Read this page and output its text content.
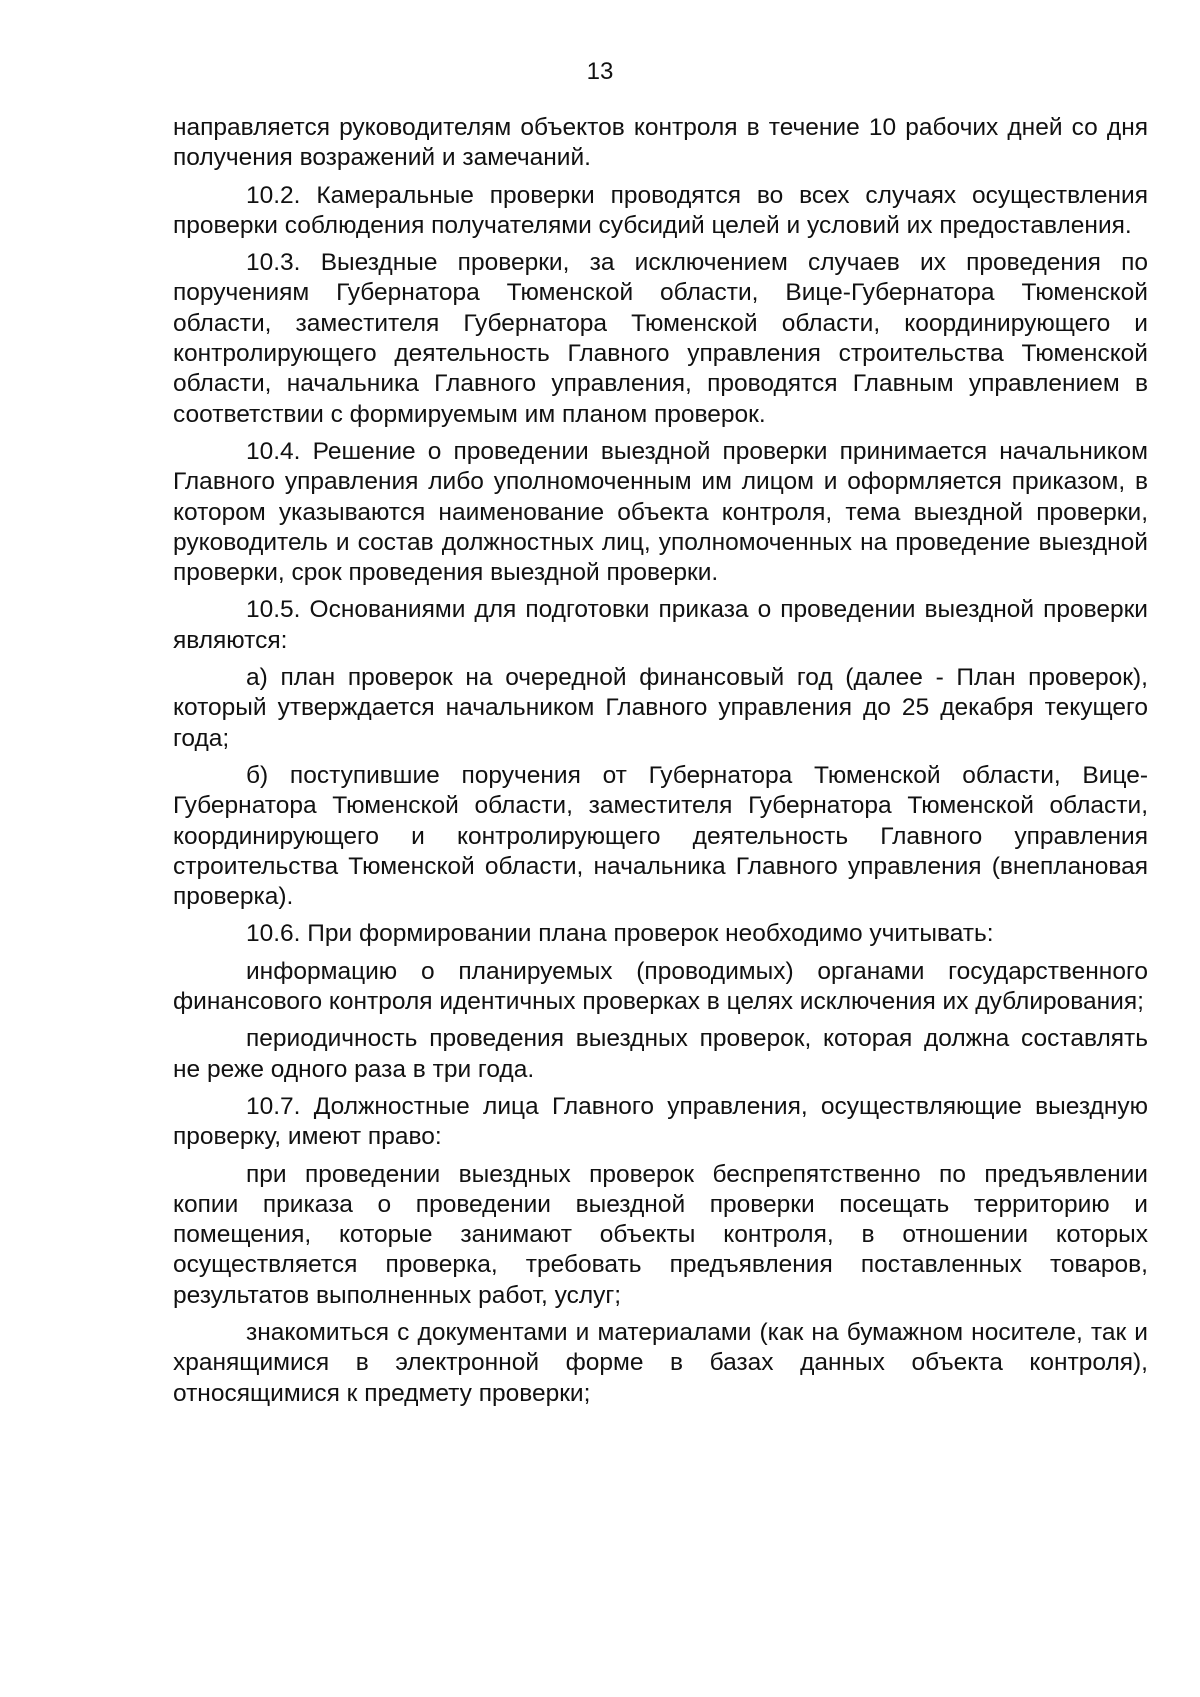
13

направляется руководителям объектов контроля в течение 10 рабочих дней со дня получения возражений и замечаний.

10.2. Камеральные проверки проводятся во всех случаях осуществления проверки соблюдения получателями субсидий целей и условий их предоставления.

10.3. Выездные проверки, за исключением случаев их проведения по поручениям Губернатора Тюменской области, Вице-Губернатора Тюменской области, заместителя Губернатора Тюменской области, координирующего и контролирующего деятельность Главного управления строительства Тюменской области, начальника Главного управления, проводятся Главным управлением в соответствии с формируемым им планом проверок.

10.4. Решение о проведении выездной проверки принимается начальником Главного управления либо уполномоченным им лицом и оформляется приказом, в котором указываются наименование объекта контроля, тема выездной проверки, руководитель и состав должностных лиц, уполномоченных на проведение выездной проверки, срок проведения выездной проверки.

10.5. Основаниями для подготовки приказа о проведении выездной проверки являются:

а) план проверок на очередной финансовый год (далее - План проверок), который утверждается начальником Главного управления до 25 декабря текущего года;

б) поступившие поручения от Губернатора Тюменской области, Вице-Губернатора Тюменской области, заместителя Губернатора Тюменской области, координирующего и контролирующего деятельность Главного управления строительства Тюменской области, начальника Главного управления (внеплановая проверка).

10.6. При формировании плана проверок необходимо учитывать:

информацию о планируемых (проводимых) органами государственного финансового контроля идентичных проверках в целях исключения их дублирования;

периодичность проведения выездных проверок, которая должна составлять не реже одного раза в три года.

10.7. Должностные лица Главного управления, осуществляющие выездную проверку, имеют право:

при проведении выездных проверок беспрепятственно по предъявлении копии приказа о проведении выездной проверки посещать территорию и помещения, которые занимают объекты контроля, в отношении которых осуществляется проверка, требовать предъявления поставленных товаров, результатов выполненных работ, услуг;

знакомиться с документами и материалами (как на бумажном носителе, так и хранящимися в электронной форме в базах данных объекта контроля), относящимися к предмету проверки;
